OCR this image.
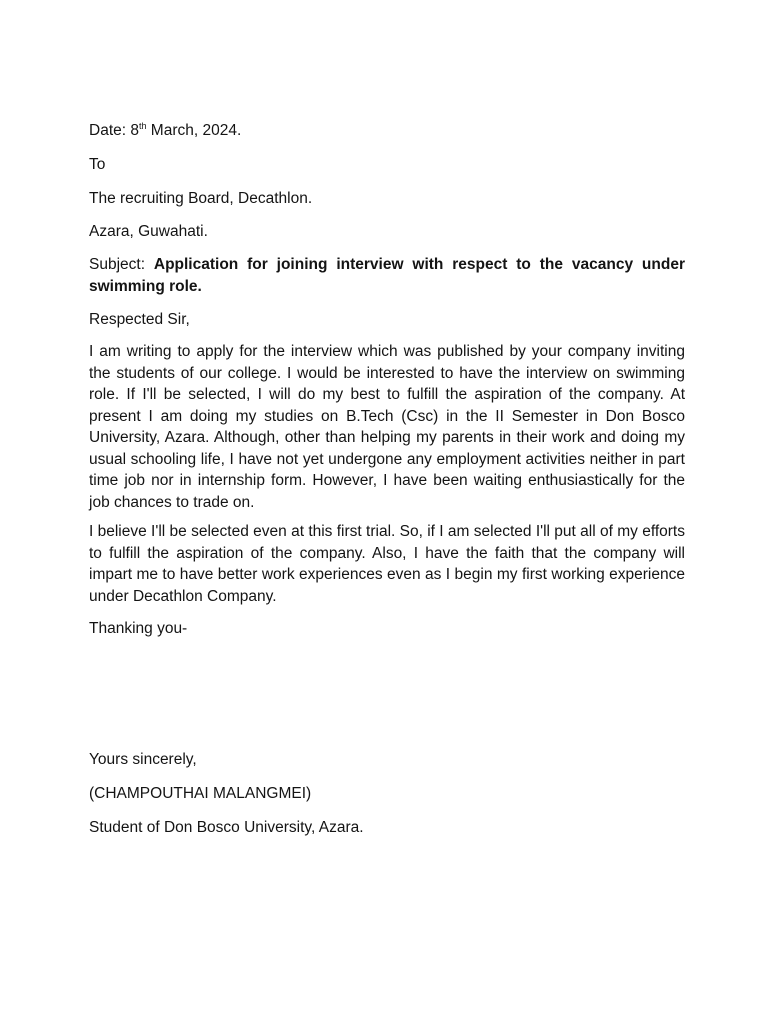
Date: 8th March, 2024.
To
The recruiting Board, Decathlon.
Azara, Guwahati.
Subject: Application for joining interview with respect to the vacancy under swimming role.
Respected Sir,
I am writing to apply for the interview which was published by your company inviting the students of our college. I would be interested to have the interview on swimming role. If I'll be selected, I will do my best to fulfill the aspiration of the company. At present I am doing my studies on B.Tech (Csc) in the II Semester in Don Bosco University, Azara. Although, other than helping my parents in their work and doing my usual schooling life, I have not yet undergone any employment activities neither in part time job nor in internship form. However, I have been waiting enthusiastically for the job chances to trade on.
I believe I'll be selected even at this first trial. So, if I am selected I'll put all of my efforts to fulfill the aspiration of the company. Also, I have the faith that the company will impart me to have better work experiences even as I begin my first working experience under Decathlon Company.
Thanking you-
Yours sincerely,
(CHAMPOUTHAI MALANGMEI)
Student of Don Bosco University, Azara.
